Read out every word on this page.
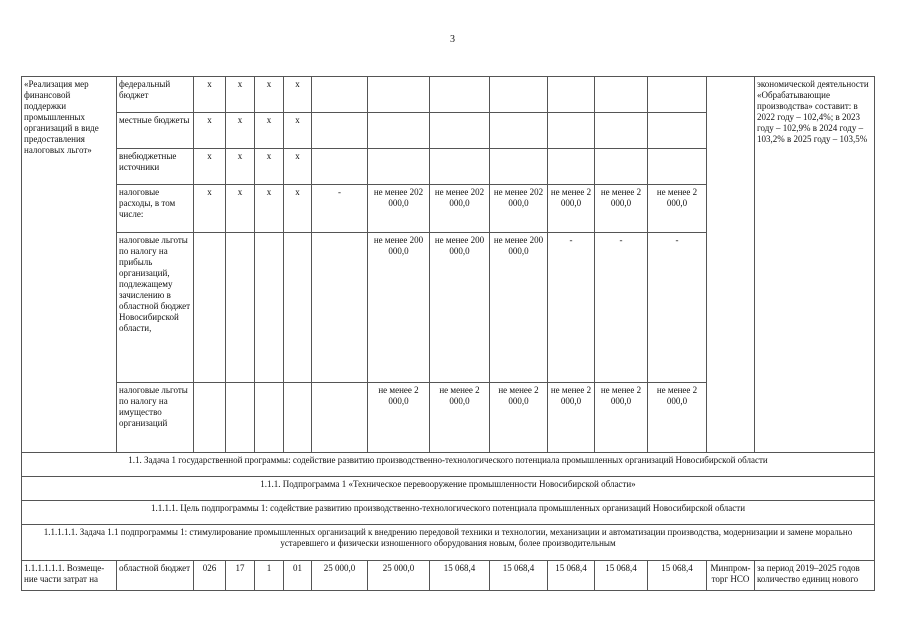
3
«Реализация мер финансовой поддержки промышленных организаций в виде предоставления налоговых льгот»	федеральный бюджет	x	x	x	x									экономической деятельности «Обрабатывающие производства» составит: в 2022 году – 102,4%; в 2023 году – 102,9% в 2024 году – 103,2% в 2025 году – 103,5%
	местные бюджеты	x	x	x	x									
	внебюджетные источники	x	x	x	x									
	налоговые расходы, в том числе:	x	x	x	x	-	не менее 202 000,0	не менее 202 000,0	не менее 202 000,0	не менее 2 000,0	не менее 2 000,0	не менее 2 000,0		
	налоговые льготы по налогу на прибыль организаций, подлежащему зачислению в областной бюджет Новосибирской области,						не менее 200 000,0	не менее 200 000,0	не менее 200 000,0	-	-	-		
	налоговые льготы по налогу на имущество организаций						не менее 2 000,0	не менее 2 000,0	не менее 2 000,0	не менее 2 000,0	не менее 2 000,0	не менее 2 000,0		
1.1. Задача 1 государственной программы: содействие развитию производственно-технологического потенциала промышленных организаций Новосибирской области														
1.1.1. Подпрограмма 1 «Техническое перевооружение промышленности Новосибирской области»														
1.1.1.1. Цель подпрограммы 1: содействие развитию производственно-технологического потенциала промышленных организаций Новосибирской области														
1.1.1.1.1. Задача 1.1 подпрограммы 1: стимулирование промышленных организаций к внедрению передовой техники и технологии, механизации и автоматизации производства, модернизации и замене морально устаревшего и физически изношенного оборудования новым, более производительным														
1.1.1.1.1.1. Возмеще-ние части затрат на	областной бюджет	026	17	1	01	25 000,0	25 000,0	15 068,4	15 068,4	15 068,4	15 068,4	15 068,4	Минпром-торг НСО	за период 2019–2025 годов количество единиц нового
